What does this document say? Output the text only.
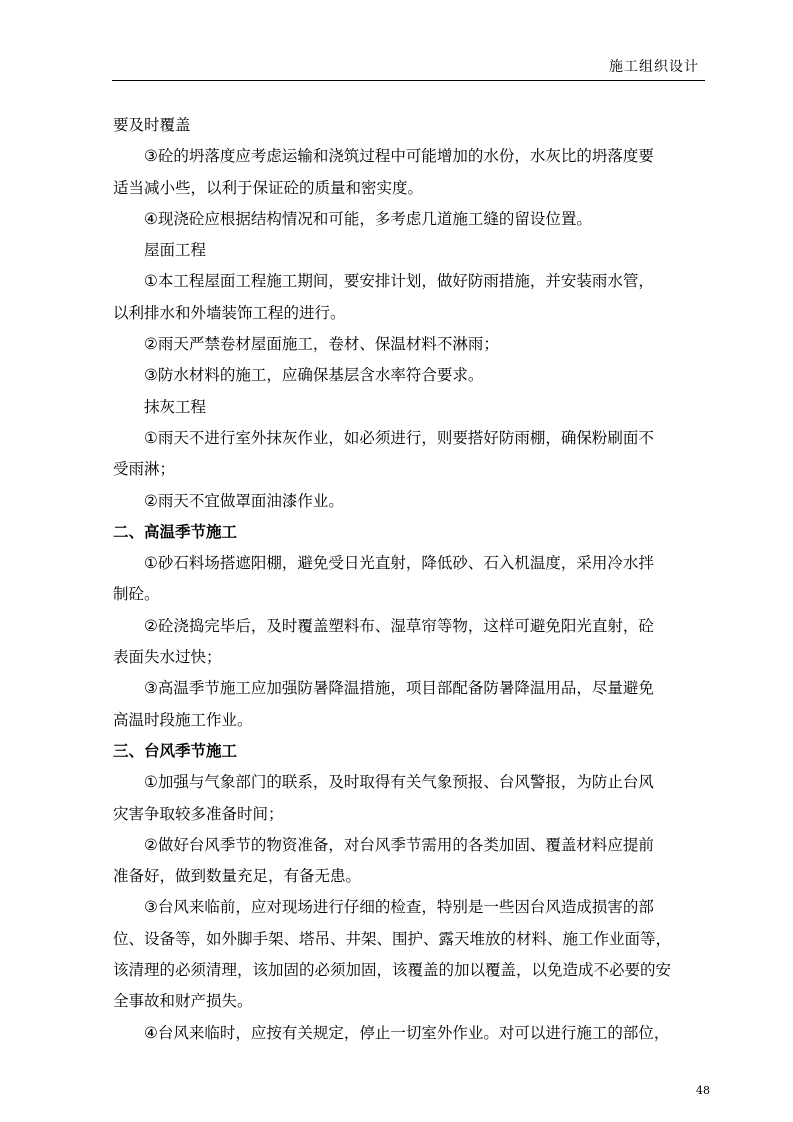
施工组织设计
要及时覆盖
③砼的坍落度应考虑运输和浇筑过程中可能增加的水份，水灰比的坍落度要
适当减小些，以利于保证砼的质量和密实度。
④现浇砼应根据结构情况和可能，多考虑几道施工缝的留设位置。
屋面工程
①本工程屋面工程施工期间，要安排计划，做好防雨措施，并安装雨水管，
以利排水和外墙装饰工程的进行。
②雨天严禁卷材屋面施工，卷材、保温材料不淋雨；
③防水材料的施工，应确保基层含水率符合要求。
抹灰工程
①雨天不进行室外抹灰作业，如必须进行，则要搭好防雨棚，确保粉刷面不
受雨淋；
②雨天不宜做罩面油漆作业。
二、高温季节施工
①砂石料场搭遮阳棚，避免受日光直射，降低砂、石入机温度，采用冷水拌
制砼。
②砼浇捣完毕后，及时覆盖塑料布、湿草帘等物，这样可避免阳光直射，砼
表面失水过快；
③高温季节施工应加强防暑降温措施，项目部配备防暑降温用品，尽量避免
高温时段施工作业。
三、台风季节施工
①加强与气象部门的联系，及时取得有关气象预报、台风警报，为防止台风
灾害争取较多准备时间；
②做好台风季节的物资准备，对台风季节需用的各类加固、覆盖材料应提前
准备好，做到数量充足，有备无患。
③台风来临前，应对现场进行仔细的检查，特别是一些因台风造成损害的部
位、设备等，如外脚手架、塔吊、井架、围护、露天堆放的材料、施工作业面等，
该清理的必须清理，该加固的必须加固，该覆盖的加以覆盖，以免造成不必要的安
全事故和财产损失。
④台风来临时，应按有关规定，停止一切室外作业。对可以进行施工的部位，
48
